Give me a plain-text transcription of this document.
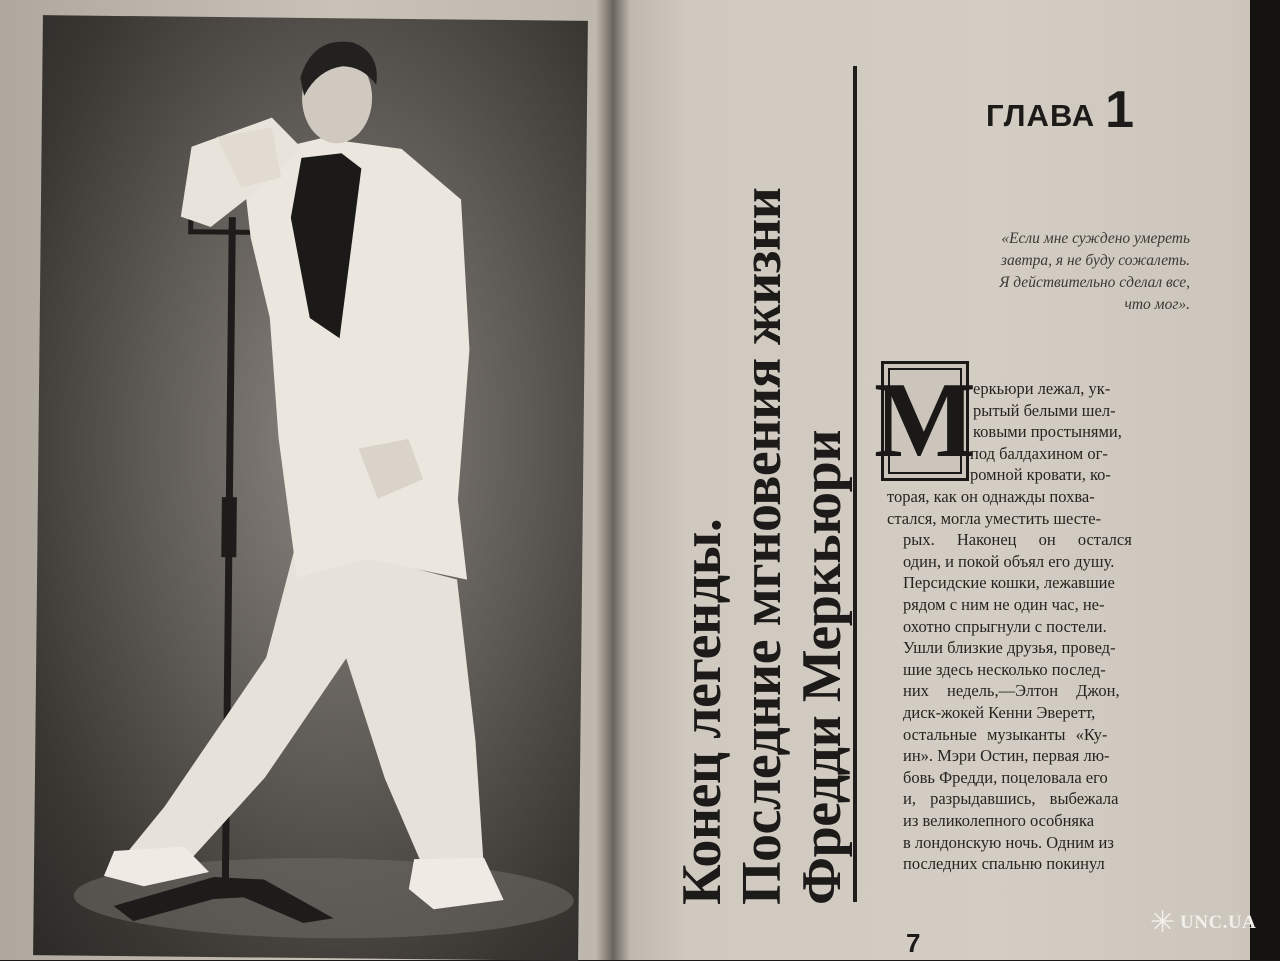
ГЛАВА 1
Конец легенды.
Последние мгновения жизни
Фредди Меркьюри
«Если мне суждено умереть
завтра, я не буду сожалеть.
Я действительно сделал все,
что мог».
М
еркьюри лежал, ук-
рытый белыми шел-
ковыми простынями,
под балдахином ог-
ромной кровати, ко-
торая, как он однажды похва-
стался, могла уместить шесте-
рых. Наконец он остался
один, и покой объял его душу.
Персидские кошки, лежавшие
рядом с ним не один час, не-
охотно спрыгнули с постели.
Ушли близкие друзья, провед-
шие здесь несколько послед-
них недель,—Элтон Джон,
диск-жокей Кенни Эверетт,
остальные музыканты «Ку-
ин». Мэри Остин, первая лю-
бовь Фредди, поцеловала его
и, разрыдавшись, выбежала
из великолепного особняка
в лондонскую ночь. Одним из
последних спальню покинул
7
✳ UNC.UA
